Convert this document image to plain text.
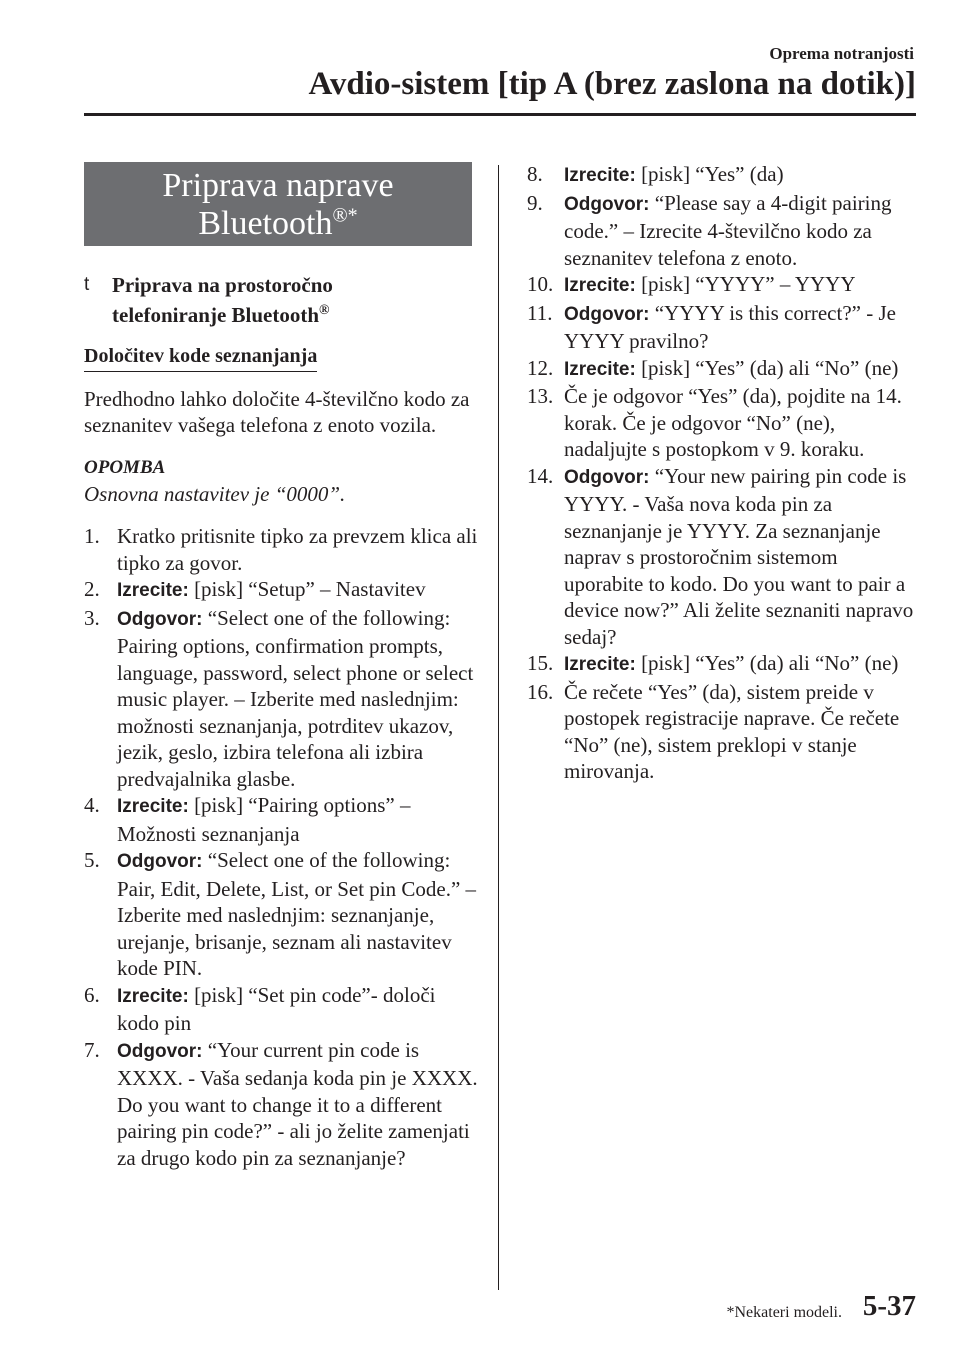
Oprema notranjosti
Avdio-sistem [tip A (brez zaslona na dotik)]
Priprava naprave
Bluetooth®*
t Priprava na prostoročno
telefoniranje Bluetooth®
Določitev kode seznanjanja

Predhodno lahko določite 4-številčno kodo za seznanitev vašega telefona z enoto vozila.

OPOMBA

Osnovna nastavitev je “0000”.

1. Kratko pritisnite tipko za prevzem klica ali tipko za govor.
2. Izrecite: [pisk] “Setup” – Nastavitev
3. Odgovor: “Select one of the following: Pairing options, confirmation prompts, language, password, select phone or select music player. – Izberite med naslednjim: možnosti seznanjanja, potrditev ukazov, jezik, geslo, izbira telefona ali izbira predvajalnika glasbe.
4. Izrecite: [pisk] “Pairing options” – Možnosti seznanjanja
5. Odgovor: “Select one of the following: Pair, Edit, Delete, List, or Set pin Code.” – Izberite med naslednjim: seznanjanje, urejanje, brisanje, seznam ali nastavitev kode PIN.
6. Izrecite: [pisk] “Set pin code”- določi kodo pin
7. Odgovor: “Your current pin code is XXXX. - Vaša sedanja koda pin je XXXX. Do you want to change it to a different pairing pin code?” - ali jo želite zamenjati za drugo kodo pin za seznanjanje?
8. Izrecite: [pisk] “Yes” (da)
9. Odgovor: “Please say a 4-digit pairing code.” – Izrecite 4-številčno kodo za seznanitev telefona z enoto.
10. Izrecite: [pisk] “YYYY” – YYYY
11. Odgovor: “YYYY is this correct?” - Je YYYY pravilno?
12. Izrecite: [pisk] “Yes” (da) ali “No” (ne)
13. Če je odgovor “Yes” (da), pojdite na 14. korak. Če je odgovor “No” (ne), nadaljujte s postopkom v 9. koraku.
14. Odgovor: “Your new pairing pin code is YYYY. - Vaša nova koda pin za seznanjanje je YYYY. Za seznanjanje naprav s prostoročnim sistemom uporabite to kodo. Do you want to pair a device now?” Ali želite seznaniti napravo sedaj?
15. Izrecite: [pisk] “Yes” (da) ali “No” (ne)
16. Če rečete “Yes” (da), sistem preide v postopek registracije naprave. Če rečete “No” (ne), sistem preklopi v stanje mirovanja.
*Nekateri modeli. 5-37
